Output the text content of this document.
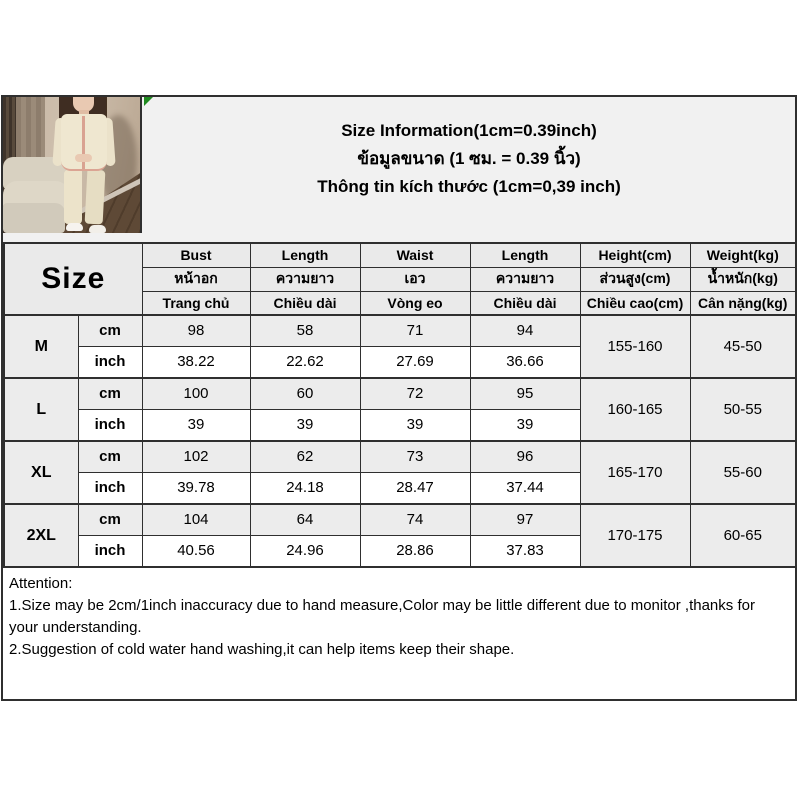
Size Information(1cm=0.39inch)
ข้อมูลขนาด (1 ซม. = 0.39 นิ้ว)
Thông tin kích thước (1cm=0,39 inch)
Size		Bust	Length	Waist	Length	Height(cm)	Weight(kg)
		หน้าอก	ความยาว	เอว	ความยาว	ส่วนสูง(cm)	น้ำหนัก(kg)
		Trang chủ	Chiều dài	Vòng eo	Chiều dài	Chiều cao(cm)	Cân nặng(kg)
M	cm	98	58	71	94	155-160	45-50
	inch	38.22	22.62	27.69	36.66		
L	cm	100	60	72	95	160-165	50-55
	inch	39	39	39	39		
XL	cm	102	62	73	96	165-170	55-60
	inch	39.78	24.18	28.47	37.44		
2XL	cm	104	64	74	97	170-175	60-65
	inch	40.56	24.96	28.86	37.83		
Attention:
1.Size may be 2cm/1inch inaccuracy due to hand measure,Color may be little different due to monitor ,thanks for your understanding.
2.Suggestion of cold water hand washing,it can help items keep their shape.
